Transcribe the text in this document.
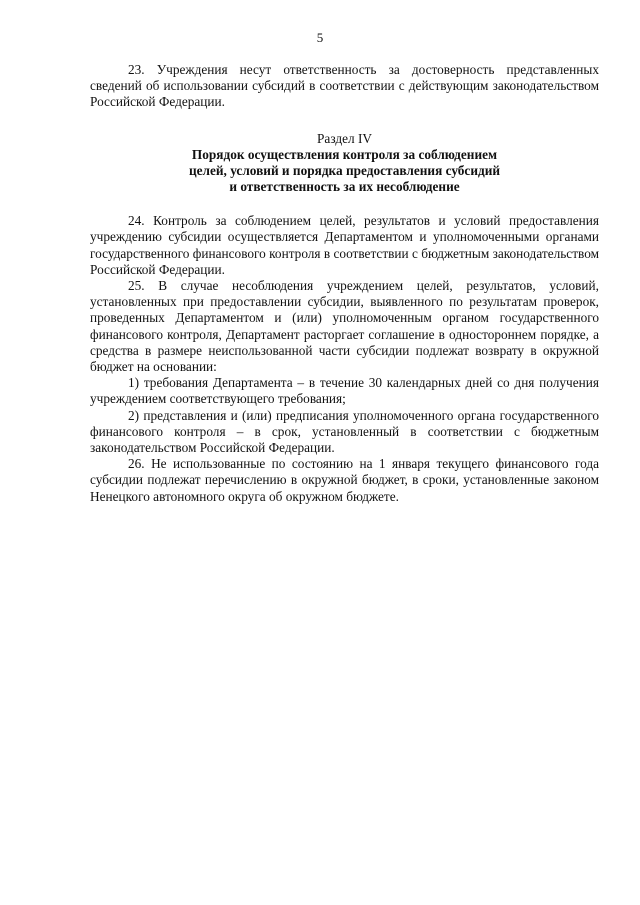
5

23. Учреждения несут ответственность за достоверность представленных сведений об использовании субсидий в соответствии с действующим законодательством Российской Федерации.

Раздел IV
Порядок осуществления контроля за соблюдением
целей, условий и порядка предоставления субсидий
и ответственность за их несоблюдение

24. Контроль за соблюдением целей, результатов и условий предоставления учреждению субсидии осуществляется Департаментом и уполномоченными органами государственного финансового контроля в соответствии с бюджетным законодательством Российской Федерации.

25. В случае несоблюдения учреждением целей, результатов, условий, установленных при предоставлении субсидии, выявленного по результатам проверок, проведенных Департаментом и (или) уполномоченным органом государственного финансового контроля, Департамент расторгает соглашение в одностороннем порядке, а средства в размере неиспользованной части субсидии подлежат возврату в окружной бюджет на основании:

1) требования Департамента – в течение 30 календарных дней со дня получения учреждением соответствующего требования;

2) представления и (или) предписания уполномоченного органа государственного финансового контроля – в срок, установленный в соответствии с бюджетным законодательством Российской Федерации.

26. Не использованные по состоянию на 1 января текущего финансового года субсидии подлежат перечислению в окружной бюджет, в сроки, установленные законом Ненецкого автономного округа об окружном бюджете.
